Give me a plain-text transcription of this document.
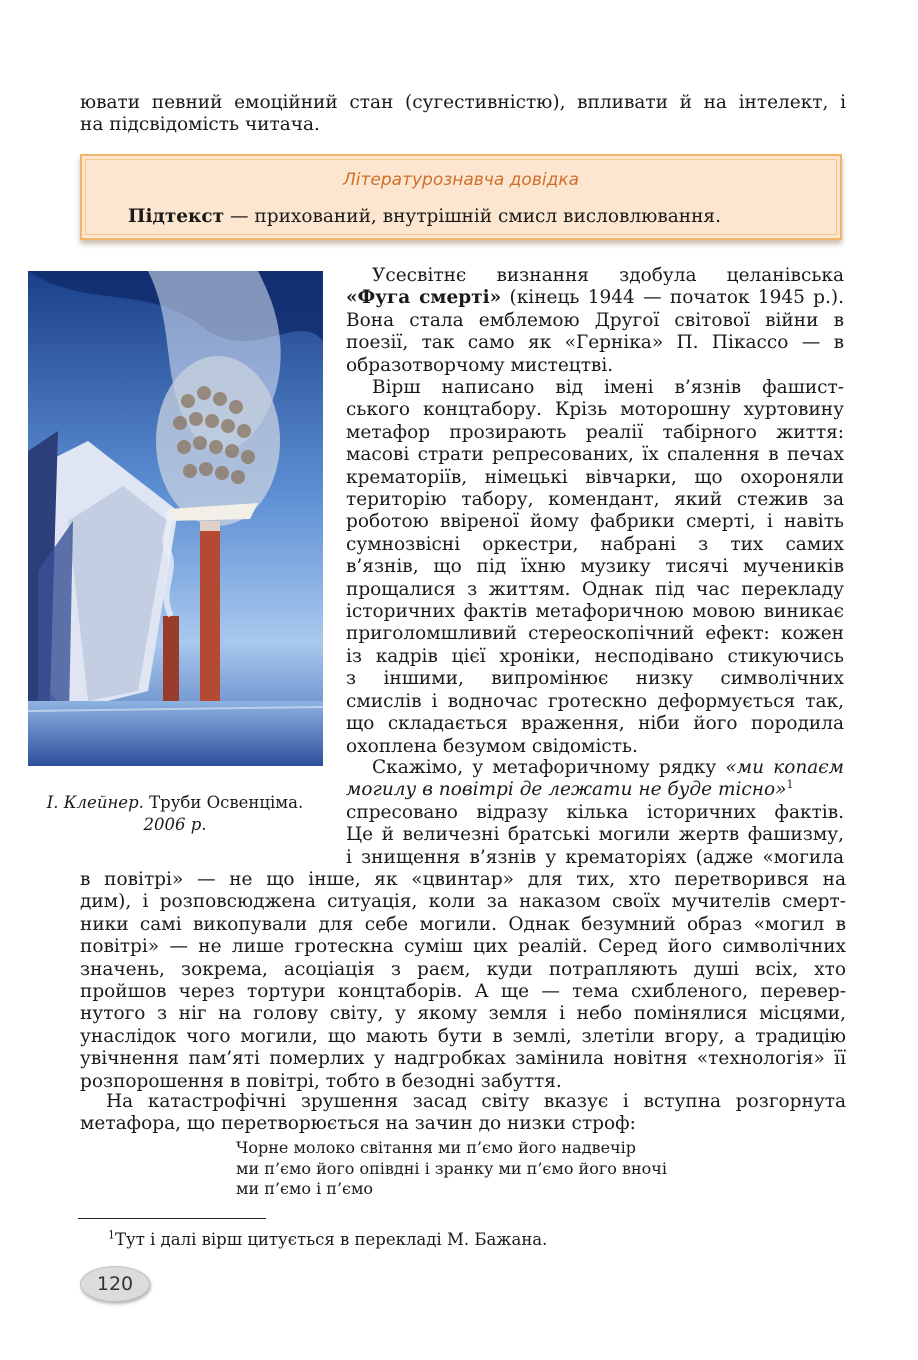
ювати певний емоційний стан (сугестивністю), впливати й на інтелект, і
на підсвідомість читача.
Літературознавча довідка
Підтекст — прихований, внутрішній смисл висловлювання.
І. Клейнер. Труби Освенціма.
2006 р.
Усесвітнє визнання здобула целанівська
«Фуга смерті» (кінець 1944 — початок 1945 р.).
Вона стала емблемою Другої світової війни в
поезії, так само як «Герніка» П. Пікассо — в
образотворчому мистецтві.
Вірш написано від імені в’язнів фашист-
ського концтабору. Крізь моторошну хуртовину
метафор прозирають реалії табірного життя:
масові страти репресованих, їх спалення в печах
крематоріїв, німецькі вівчарки, що охороняли
територію табору, комендант, який стежив за
роботою ввіреної йому фабрики смерті, і навіть
сумнозвісні оркестри, набрані з тих самих
в’язнів, що під їхню музику тисячі мучеників
прощалися з життям. Однак під час перекладу
історичних фактів метафоричною мовою виникає
приголомшливий стереоскопічний ефект: кожен
із кадрів цієї хроніки, несподівано стикуючись
з іншими, випромінює низку символічних
смислів і водночас гротескно деформується так,
що складається враження, ніби його породила
охоплена безумом свідомість.
Скажімо, у метафоричному рядку «ми копаєм
могилу в повітрі де лежати не буде тісно»$^1$
спресовано відразу кілька історичних фактів.
Це й величезні братські могили жертв фашизму,
і знищення в’язнів у крематоріях (адже «могила
в повітрі» — не що інше, як «цвинтар» для тих, хто перетворився на
дим), і розповсюджена ситуація, коли за наказом своїх мучителів смерт-
ники самі викопували для себе могили. Однак безумний образ «могил в
повітрі» — не лише гротескна суміш цих реалій. Серед його символічних
значень, зокрема, асоціація з раєм, куди потрапляють душі всіх, хто
пройшов через тортури концтаборів. А ще — тема схибленого, перевер-
нутого з ніг на голову світу, у якому земля і небо помінялися місцями,
унаслідок чого могили, що мають бути в землі, злетіли вгору, а традицію
увічнення пам’яті померлих у надгробках замінила новітня «технологія» її
розпорошення в повітрі, тобто в безодні забуття.
На катастрофічні зрушення засад світу вказує і вступна розгорнута
метафора, що перетворюється на зачин до низки строф:
Чорне молоко світання ми п’ємо його надвечір
ми п’ємо його опівдні і зранку ми п’ємо його вночі
ми п’ємо і п’ємо
$^1$Тут і далі вірш цитується в перекладі М. Бажана.
120
